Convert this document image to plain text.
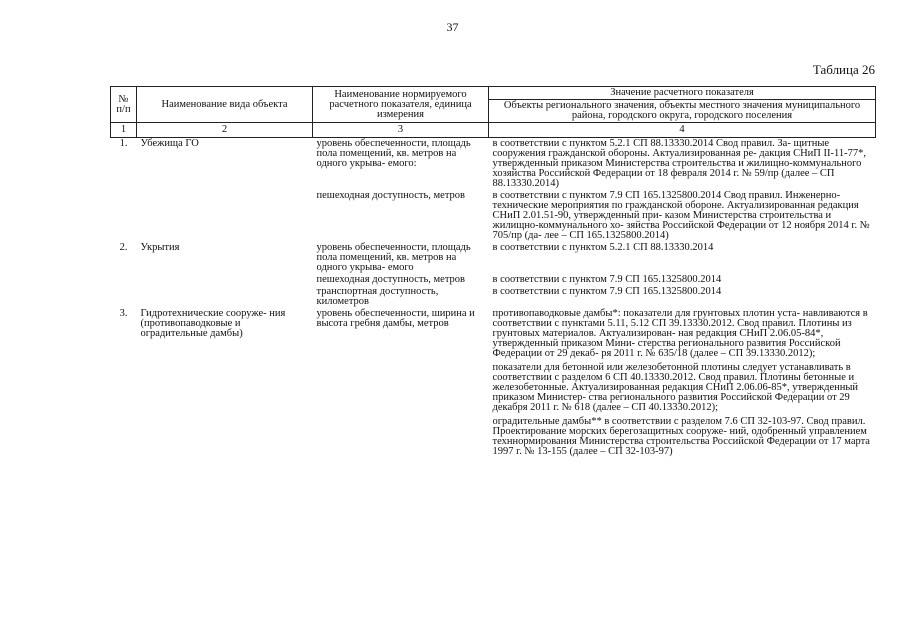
37
Таблица 26
№ п/п	Наименование вида объекта	Наименование нормируемого расчетного показателя, единица измерения	Значение расчетного показателя
			Объекты регионального значения, объекты местного значения муниципального района, городского округа, городского поселения
1	2	3	4
1.	Убежища ГО	уровень обеспеченности, площадь пола помещений, кв. метров на одного укрыва- емого:	в соответствии с пунктом 5.2.1 СП 88.13330.2014 Свод правил. За- щитные сооружения гражданской обороны. Актуализированная ре- дакция СНиП II-11-77*, утвержденный приказом Министерства строительства и жилищно-коммунального хозяйства Российской Федерации от 18 февраля 2014 г. № 59/пр (далее – СП 88.13330.2014)

		пешеходная доступность, метров	в соответствии с пунктом 7.9 СП 165.1325800.2014 Свод правил. Инженерно-технические мероприятия по гражданской обороне. Актуализированная редакция СНиП 2.01.51-90, утвержденный при- казом Министерства строительства и жилищно-коммунального хо- зяйства Российской Федерации от 12 ноября 2014 г. № 705/пр (да- лее – СП 165.1325800.2014)

2.	Укрытия	уровень обеспеченности, площадь пола помещений, кв. метров на одного укрыва- емого	в соответствии с пунктом 5.2.1 СП 88.13330.2014

		пешеходная доступность, метров	в соответствии с пунктом 7.9 СП 165.1325800.2014

		транспортная доступность, километров	в соответствии с пунктом 7.9 СП 165.1325800.2014

3.	Гидротехнические сооруже- ния (противопаводковые и оградительные дамбы)	уровень обеспеченности, ширина и высота гребня дамбы, метров	противопаводковые дамбы*: показатели для грунтовых плотин уста- навливаются в соответствии с пунктами 5.11, 5.12 СП 39.13330.2012. Свод правил. Плотины из грунтовых материалов. Актуализирован- ная редакция СНиП 2.06.05-84*, утвержденный приказом Мини- стерства регионального развития Российской Федерации от 29 декаб- ря 2011 г. № 635/18 (далее – СП 39.13330.2012);
показатели для бетонной или железобетонной плотины следует устанавливать в соответствии с разделом 6 СП 40.13330.2012. Свод правил. Плотины бетонные и железобетонные. Актуализированная редакция СНиП 2.06.06-85*, утвержденный приказом Министер- ства регионального развития Российской Федерации от 29 декабря 2011 г. № 618 (далее – СП 40.13330.2012);
оградительные дамбы** в соответствии с разделом 7.6 СП 32-103-97. Свод правил. Проектирование морских берегозащитных сооруже- ний, одобренный управлением техннормирования Министерства строительства Российской Федерации от 17 марта 1997 г. № 13-155 (далее – СП 32-103-97)
